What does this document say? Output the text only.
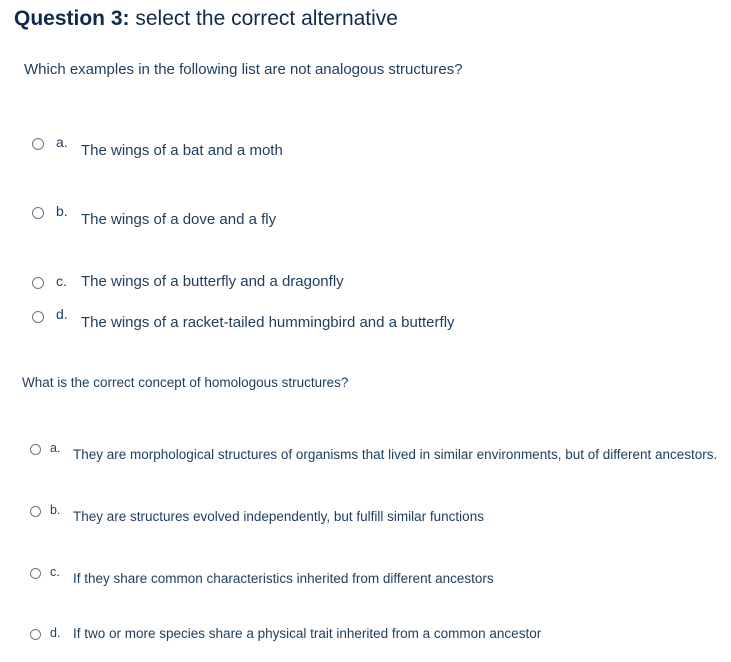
Question 3: select the correct alternative
Which examples in the following list are not analogous structures?
a. The wings of a bat and a moth
b. The wings of a dove and a fly
c. The wings of a butterfly and a dragonfly
d. The wings of a racket-tailed hummingbird and a butterfly
What is the correct concept of homologous structures?
a. They are morphological structures of organisms that lived in similar environments, but of different ancestors.
b. They are structures evolved independently, but fulfill similar functions
c. If they share common characteristics inherited from different ancestors
d. If two or more species share a physical trait inherited from a common ancestor
